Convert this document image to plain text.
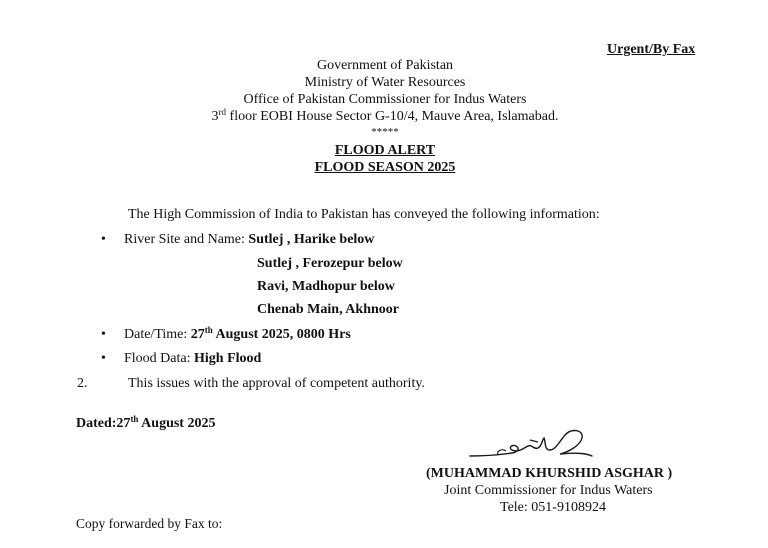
Urgent/By Fax
Government of Pakistan
Ministry of Water Resources
Office of Pakistan Commissioner for Indus Waters
3rd floor EOBI House Sector G-10/4, Mauve Area, Islamabad.
*****
FLOOD ALERT
FLOOD SEASON 2025
The High Commission of India to Pakistan has conveyed the following information:
• River Site and Name: Sutlej , Harike below
Sutlej , Ferozepur below
Ravi, Madhopur below
Chenab Main, Akhnoor
• Date/Time: 27th August 2025, 0800 Hrs
• Flood Data: High Flood
2.	This issues with the approval of competent authority.
Dated:27th August 2025
(MUHAMMAD KHURSHID ASGHAR )
Joint Commissioner for Indus Waters
Tele: 051-9108924
Copy forwarded by Fax to:
